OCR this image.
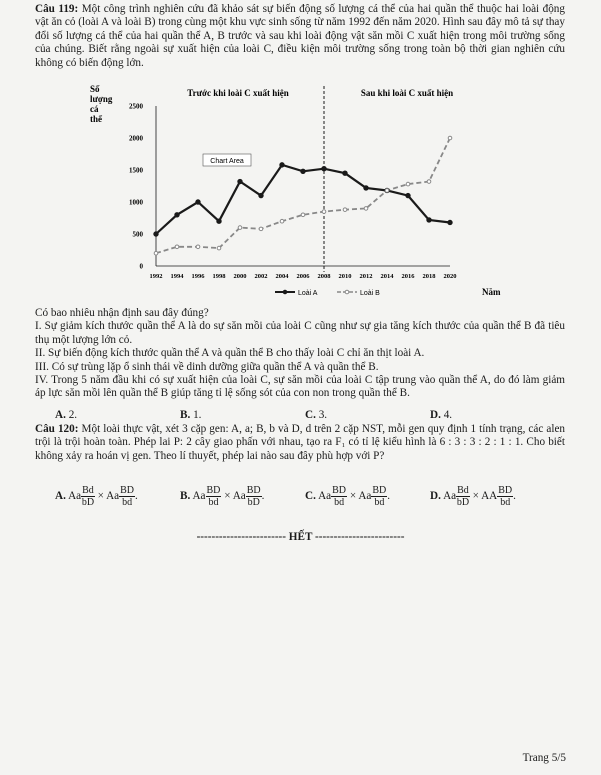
Câu 119: Một công trình nghiên cứu đã khảo sát sự biến động số lượng cá thể của hai quần thể thuộc hai loài động vật ăn cỏ (loài A và loài B) trong cùng một khu vực sinh sống từ năm 1992 đến năm 2020. Hình sau đây mô tả sự thay đổi số lượng cá thể của hai quần thể A, B trước và sau khi loài động vật săn mồi C xuất hiện trong môi trường sống của chúng. Biết rằng ngoài sự xuất hiện của loài C, điều kiện môi trường sống trong toàn bộ thời gian nghiên cứu không có biến động lớn.
Số
lượng
cá
thể
Trước khi loài C xuất hiện	Sau khi loài C xuất hiện
0
500
1000
1500
2000
2500
1992 1994 1996 1998 2000 2002 2004 2006 2008 2010 2012 2014 2016 2018 2020
Chart Area
Loài A	Loài B	Năm
Có bao nhiêu nhận định sau đây đúng?
I. Sự giảm kích thước quần thể A là do sự săn mồi của loài C cũng như sự gia tăng kích thước của quần thể B đã tiêu thụ một lượng lớn cỏ.
II. Sự biến động kích thước quần thể A và quần thể B cho thấy loài C chỉ ăn thịt loài A.
III. Có sự trùng lặp ổ sinh thái về dinh dưỡng giữa quần thể A và quần thể B.
IV. Trong 5 năm đầu khi có sự xuất hiện của loài C, sự săn mồi của loài C tập trung vào quần thể A, do đó làm giảm áp lực săn mồi lên quần thể B giúp tăng tỉ lệ sống sót của con non trong quần thể B.
A. 2.	B. 1.	C. 3.	D. 4.
Câu 120: Một loài thực vật, xét 3 cặp gen: A, a; B, b và D, d trên 2 cặp NST, mỗi gen quy định 1 tính trạng, các alen trội là trội hoàn toàn. Phép lai P: 2 cây giao phấn với nhau, tạo ra F₁ có tỉ lệ kiểu hình là 6 : 3 : 3 : 2 : 1 : 1. Cho biết không xảy ra hoán vị gen. Theo lí thuyết, phép lai nào sau đây phù hợp với P?
A. Aa $\frac{Bd}{bD} \times Aa \frac{BD}{bd}$ .	B. Aa $\frac{BD}{bd} \times Aa \frac{BD}{bD}$ .	C. Aa $\frac{BD}{bd} \times Aa \frac{BD}{bd}$ .	D. Aa $\frac{Bd}{bD}$ × AA $\frac{BD}{bd}$ .
------------------------ HẾT ------------------------
Trang 5/5
